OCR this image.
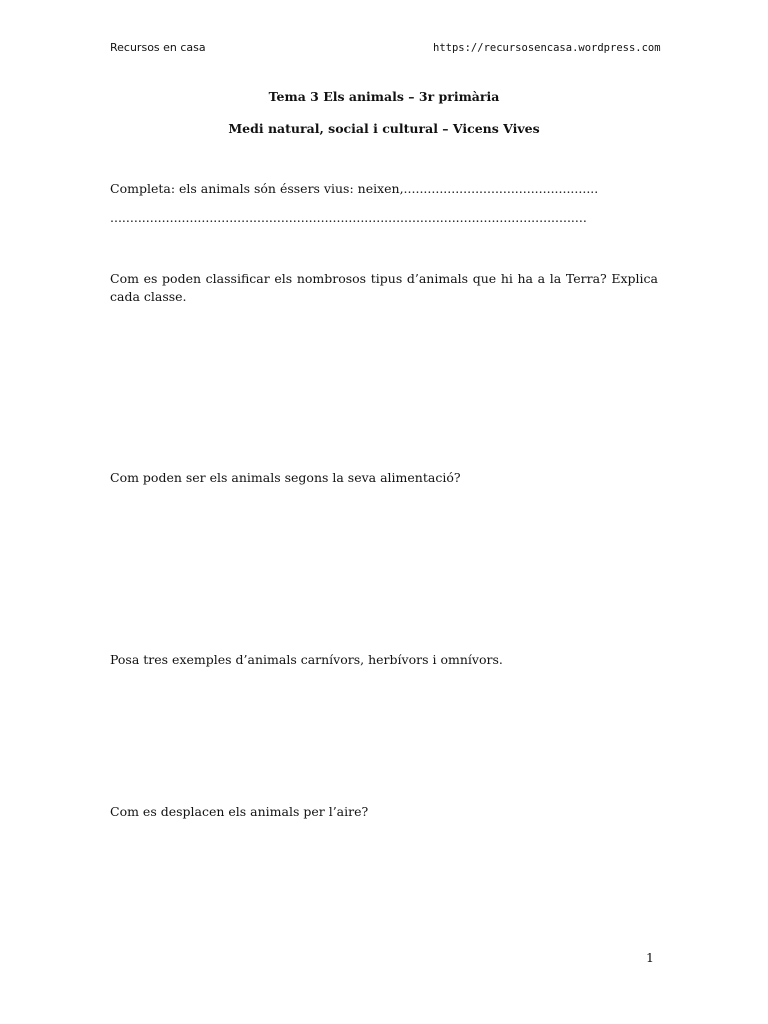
Recursos en casa	https://recursosencasa.wordpress.com
Tema 3 Els animals – 3r primària
Medi natural, social i cultural – Vicens Vives
Completa: els animals són éssers vius: neixen,.................................................
........................................................................................................................
Com es poden classificar els nombrosos tipus d’animals que hi ha a la Terra? Explica cada classe.
Com poden ser els animals segons la seva alimentació?
Posa tres exemples d’animals carnívors, herbívors i omnívors.
Com es desplacen els animals per l’aire?
1
